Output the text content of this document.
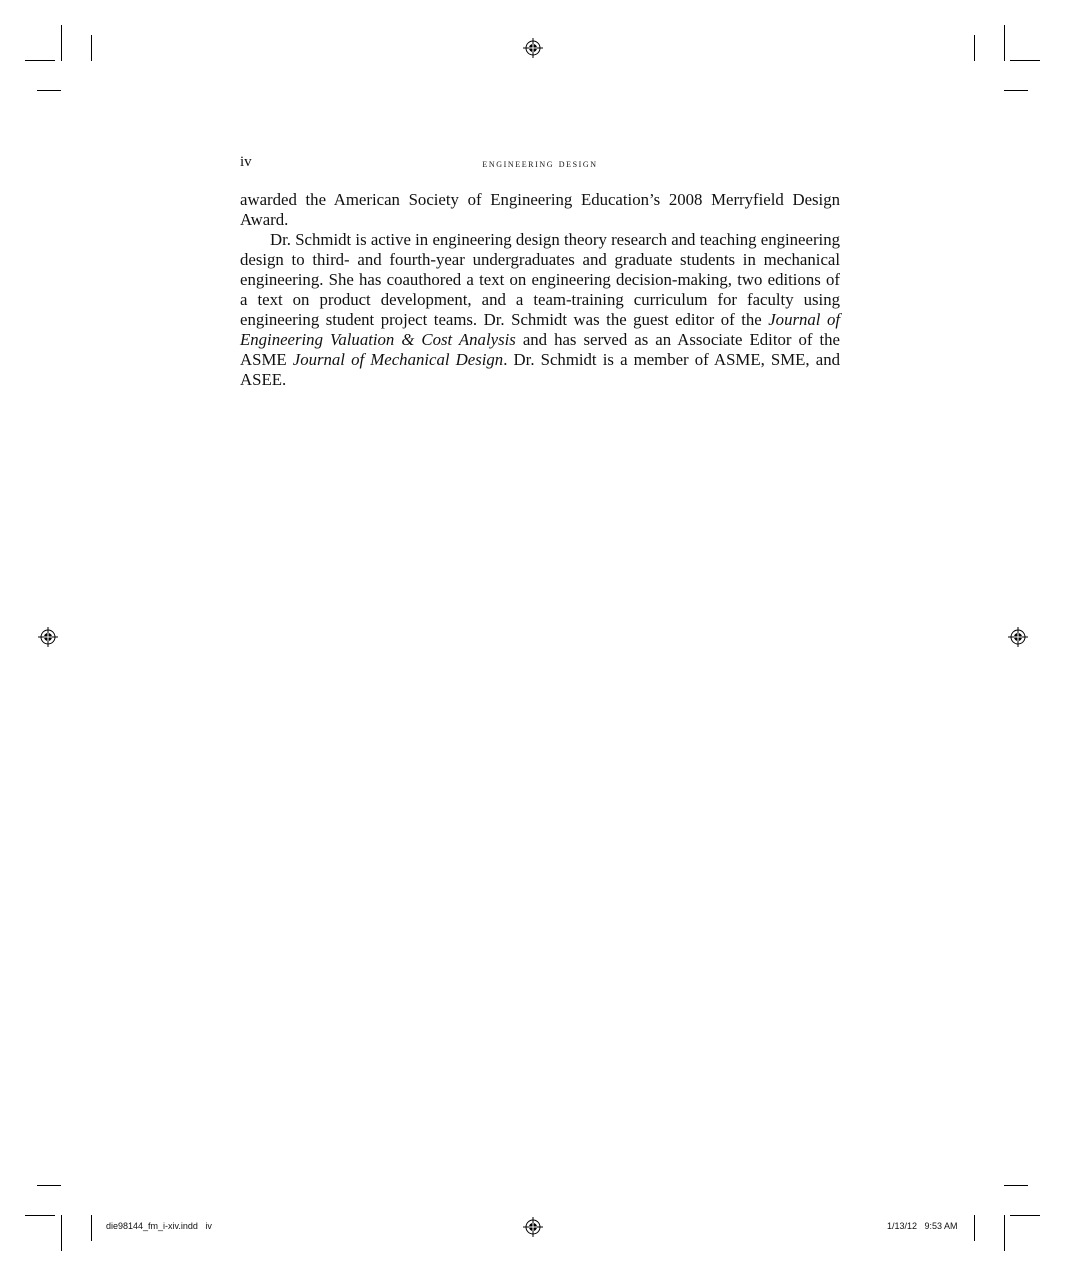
iv	engineering design

awarded the American Society of Engineering Education’s 2008 Merryfield Design Award.

Dr. Schmidt is active in engineering design theory research and teaching engineering design to third- and fourth-year undergraduates and graduate students in mechanical engineering. She has coauthored a text on engineering decision-making, two editions of a text on product development, and a team-training curriculum for faculty using engineering student project teams. Dr. Schmidt was the guest editor of the Journal of Engineering Valuation & Cost Analysis and has served as an Associate Editor of the ASME Journal of Mechanical Design. Dr. Schmidt is a member of ASME, SME, and ASEE.

die98144_fm_i-xiv.indd   iv	1/13/12   9:53 AM
